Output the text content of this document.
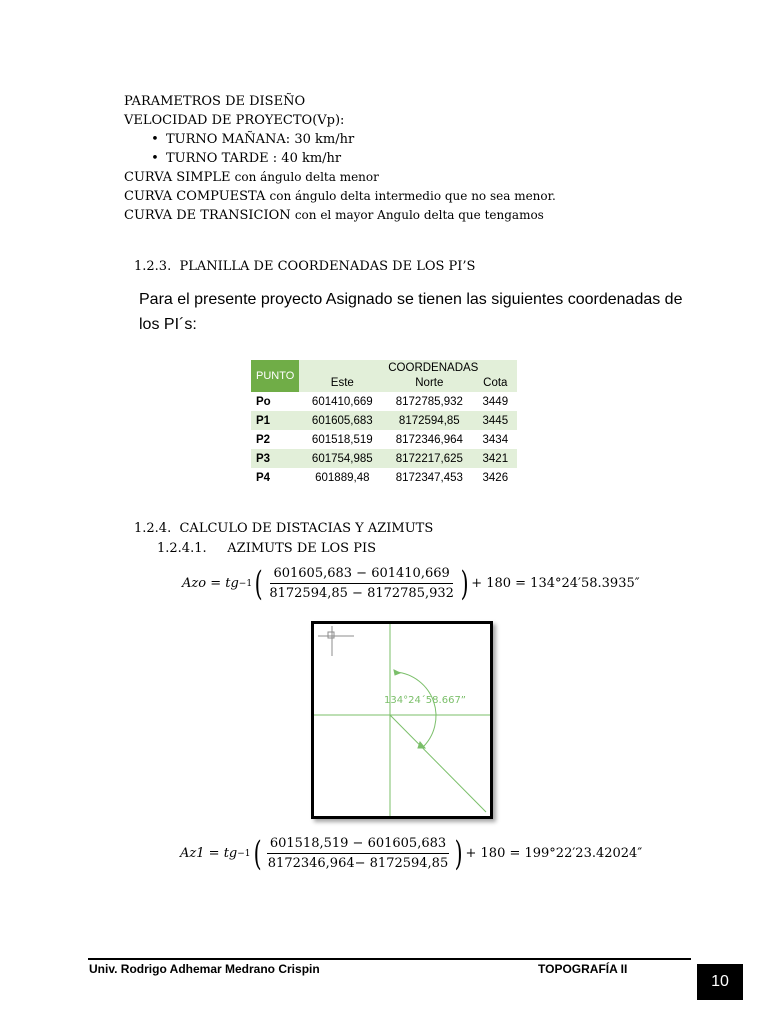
PARAMETROS DE DISEÑO
VELOCIDAD DE PROYECTO(Vp):
• TURNO MAÑANA: 30 km/hr
• TURNO TARDE : 40 km/hr
CURVA SIMPLE con ángulo delta menor
CURVA COMPUESTA con ángulo delta intermedio que no sea menor.
CURVA DE TRANSICION con el mayor Angulo delta que tengamos
1.2.3. PLANILLA DE COORDENADAS DE LOS PI’S
Para el presente proyecto Asignado se tienen las siguientes coordenadas de los PI´s:
PUNTO	COORDENADAS
Este Norte Cota		

Po	601410,669	8172785,932	3449
P1	601605,683	8172594,85	3445
P2	601518,519	8172346,964	3434
P3	601754,985	8172217,625	3421
P4	601889,48	8172347,453	3426
1.2.4. CALCULO DE DISTACIAS Y AZIMUTS
1.2.4.1. AZIMUTS DE LOS PIS
Azo = tg −1 ( $\frac{601605,683 - 601410,669}{8172594,85 - 8172785,932}$ ) + 180 = 134°24′58.3935″
134°24´58.667”
Az1 = tg −1 ( $\frac{601518,519 - 601605,683}{8172346,964- 8172594,85}$ ) + 180 = 199°22′23.42024″
Univ. Rodrigo Adhemar Medrano Crispin	TOPOGRAFÍA II
10
